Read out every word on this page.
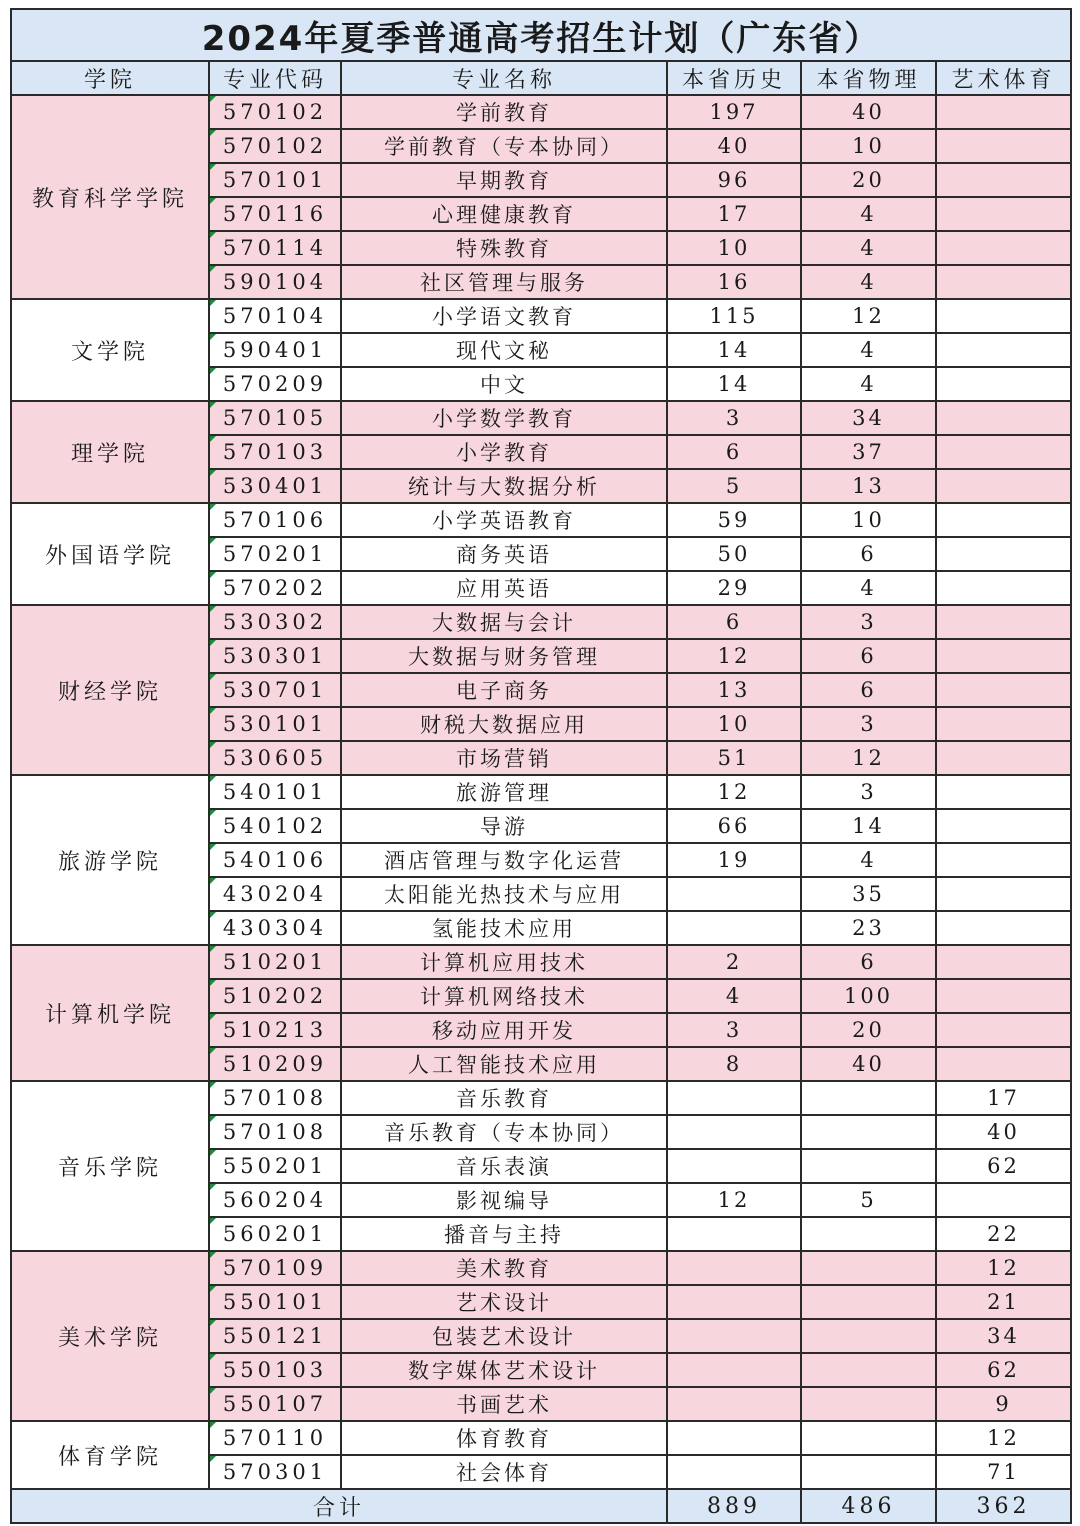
2024年夏季普通高考招生计划（广东省）					
学院	专业代码	专业名称	本省历史	本省物理	艺术体育
教育科学学院	570102	学前教育	197	40	
	570102	学前教育（专本协同）	40	10	
	570101	早期教育	96	20	
	570116	心理健康教育	17	4	
	570114	特殊教育	10	4	
	590104	社区管理与服务	16	4	
文学院	570104	小学语文教育	115	12	
	590401	现代文秘	14	4	
	570209	中文	14	4	
理学院	570105	小学数学教育	3	34	
	570103	小学教育	6	37	
	530401	统计与大数据分析	5	13	
外国语学院	570106	小学英语教育	59	10	
	570201	商务英语	50	6	
	570202	应用英语	29	4	
财经学院	530302	大数据与会计	6	3	
	530301	大数据与财务管理	12	6	
	530701	电子商务	13	6	
	530101	财税大数据应用	10	3	
	530605	市场营销	51	12	
旅游学院	540101	旅游管理	12	3	
	540102	导游	66	14	
	540106	酒店管理与数字化运营	19	4	
	430204	太阳能光热技术与应用		35	
	430304	氢能技术应用		23	
计算机学院	510201	计算机应用技术	2	6	
	510202	计算机网络技术	4	100	
	510213	移动应用开发	3	20	
	510209	人工智能技术应用	8	40	
音乐学院	570108	音乐教育			17
	570108	音乐教育（专本协同）			40
	550201	音乐表演			62
	560204	影视编导	12	5	
	560201	播音与主持			22
美术学院	570109	美术教育			12
	550101	艺术设计			21
	550121	包装艺术设计			34
	550103	数字媒体艺术设计			62
	550107	书画艺术			9
体育学院	570110	体育教育			12
	570301	社会体育			71
合计			889	486	362
